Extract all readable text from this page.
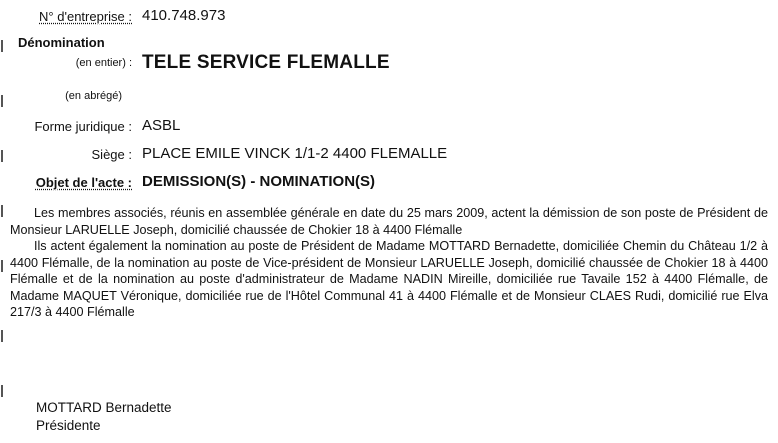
N° d'entreprise : 410.748.973
Dénomination
(en entier) : TELE SERVICE FLEMALLE
(en abrégé)
Forme juridique : ASBL
Siège : PLACE EMILE VINCK 1/1-2 4400 FLEMALLE
Objet de l'acte : DEMISSION(S) - NOMINATION(S)

Les membres associés, réunis en assemblée générale en date du 25 mars 2009, actent la démission de son poste de Président de Monsieur LARUELLE Joseph, domicilié chaussée de Chokier 18 à 4400 Flémalle

Ils actent également la nomination au poste de Président de Madame MOTTARD Bernadette, domiciliée Chemin du Château 1/2 à 4400 Flémalle, de la nomination au poste de Vice-président de Monsieur LARUELLE Joseph, domicilié chaussée de Chokier 18 à 4400 Flémalle et de la nomination au poste d'administrateur de Madame NADIN Mireille, domiciliée rue Tavaile 152 à 4400 Flémalle, de Madame MAQUET Véronique, domiciliée rue de l'Hôtel Communal 41 à 4400 Flémalle et de Monsieur CLAES Rudi, domicilié rue Elva 217/3 à 4400 Flémalle

MOTTARD Bernadette
Présidente
